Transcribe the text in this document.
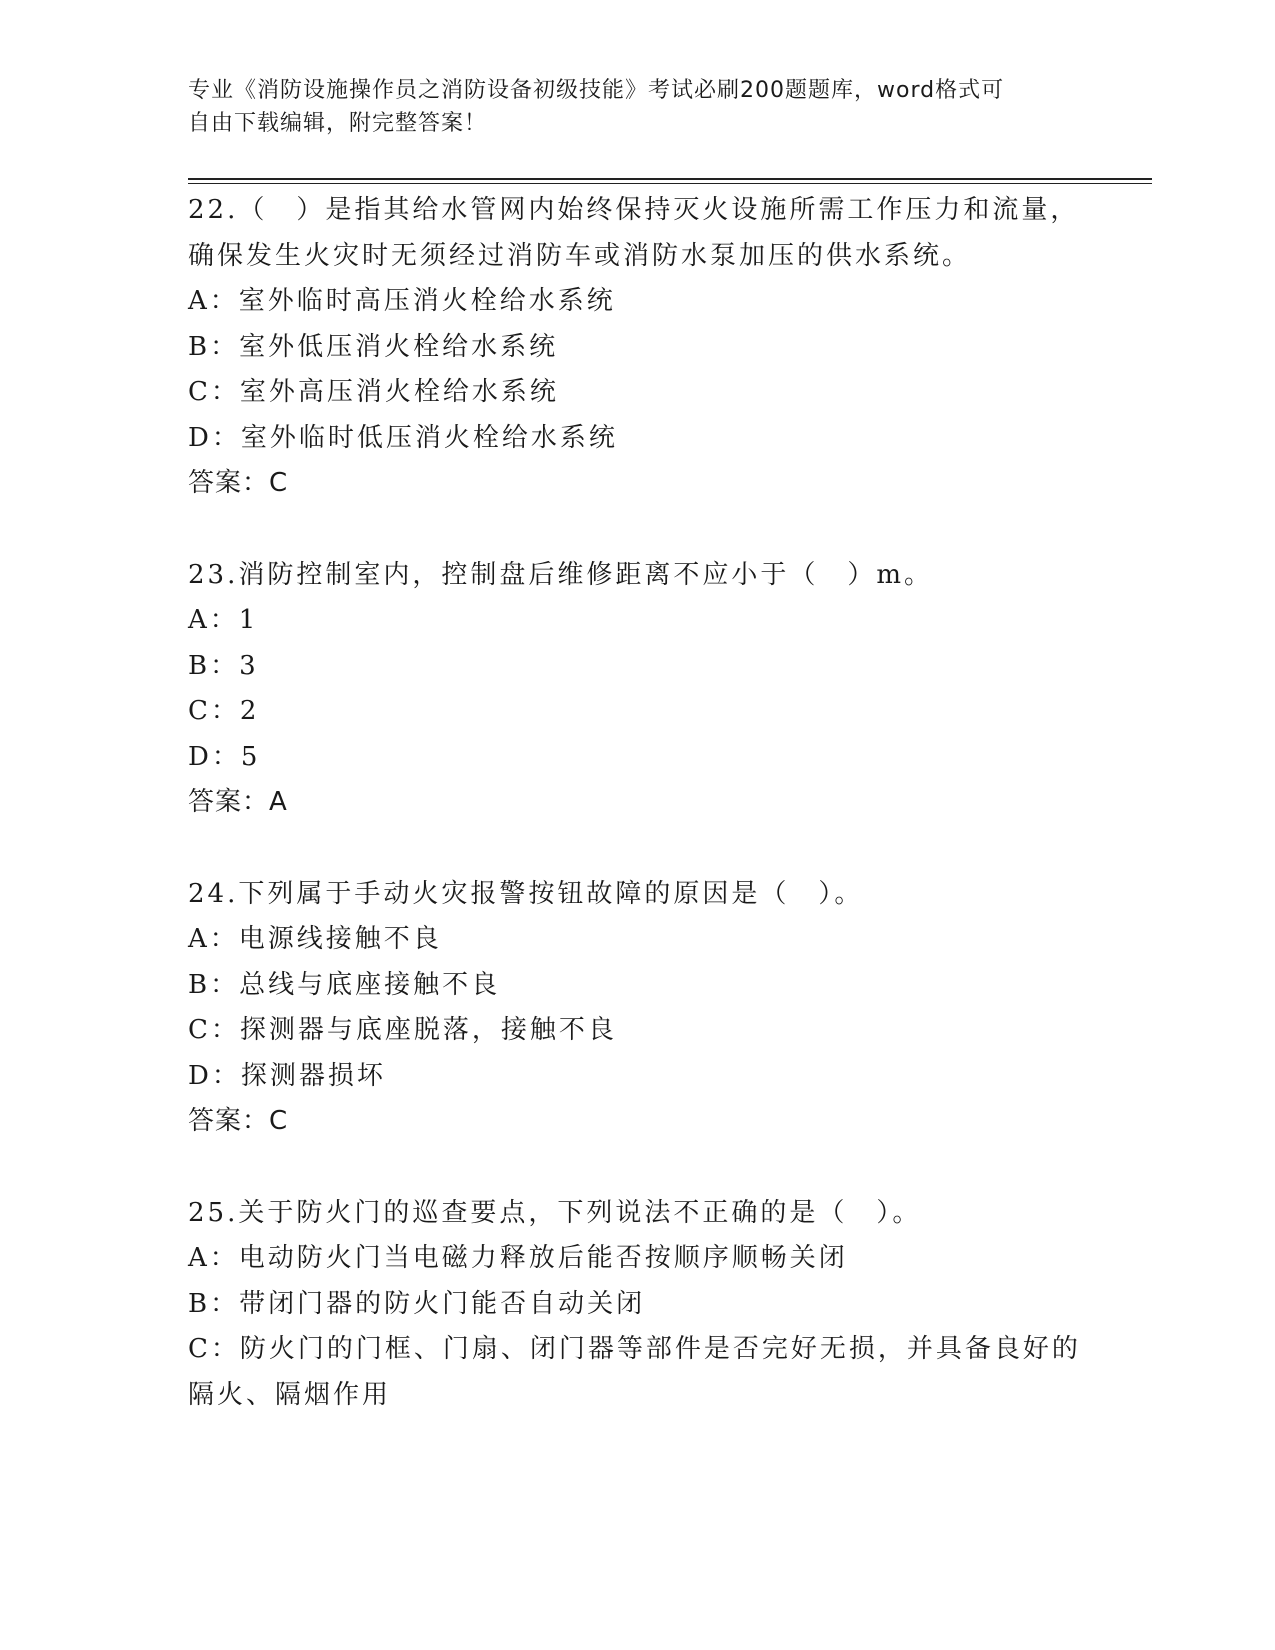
专业《消防设施操作员之消防设备初级技能》考试必刷200题题库，word格式可
自由下载编辑，附完整答案！
22.（　）是指其给水管网内始终保持灭火设施所需工作压力和流量，
确保发生火灾时无须经过消防车或消防水泵加压的供水系统。
A：室外临时高压消火栓给水系统
B：室外低压消火栓给水系统
C：室外高压消火栓给水系统
D：室外临时低压消火栓给水系统
答案：C
23.消防控制室内，控制盘后维修距离不应小于（　）m。
A：1
B：3
C：2
D：5
答案：A
24.下列属于手动火灾报警按钮故障的原因是（　）。
A：电源线接触不良
B：总线与底座接触不良
C：探测器与底座脱落，接触不良
D：探测器损坏
答案：C
25.关于防火门的巡查要点，下列说法不正确的是（　）。
A：电动防火门当电磁力释放后能否按顺序顺畅关闭
B：带闭门器的防火门能否自动关闭
C：防火门的门框、门扇、闭门器等部件是否完好无损，并具备良好的
隔火、隔烟作用
